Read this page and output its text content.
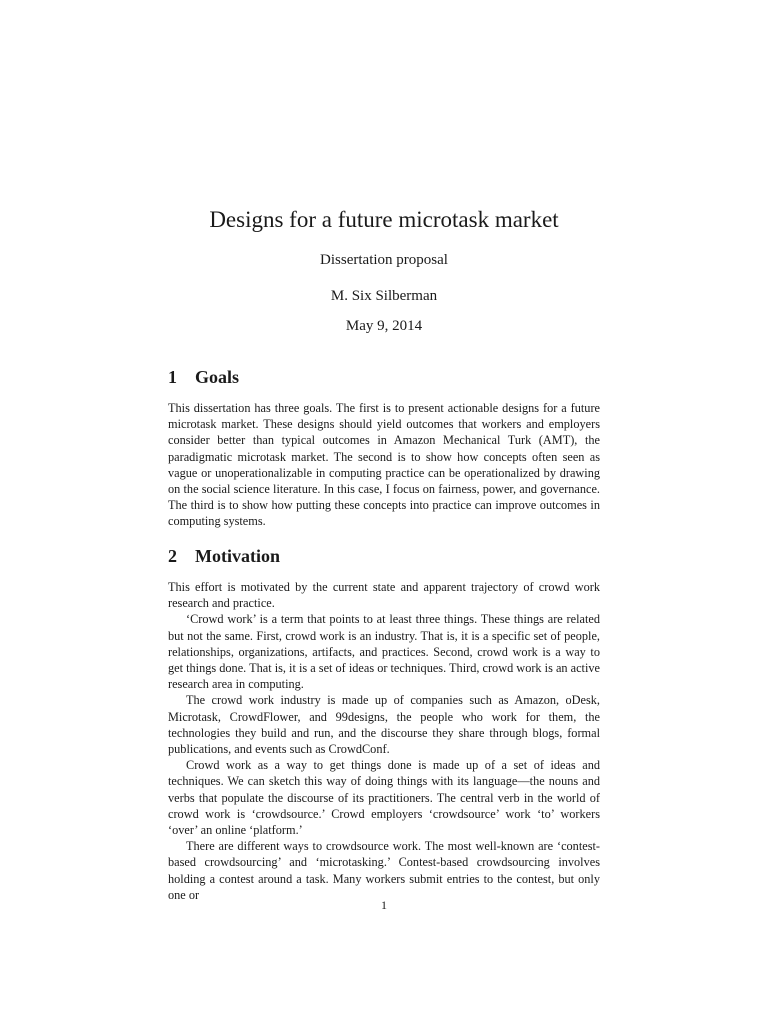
Designs for a future microtask market
Dissertation proposal
M. Six Silberman
May 9, 2014
1 Goals

This dissertation has three goals. The first is to present actionable designs for a future microtask market. These designs should yield outcomes that workers and employers consider better than typical outcomes in Amazon Mechanical Turk (AMT), the paradigmatic microtask market. The second is to show how concepts often seen as vague or unoperationalizable in computing practice can be operationalized by drawing on the social science literature. In this case, I focus on fairness, power, and governance. The third is to show how putting these concepts into practice can improve outcomes in computing systems.

2 Motivation

This effort is motivated by the current state and apparent trajectory of crowd work research and practice.

‘Crowd work’ is a term that points to at least three things. These things are related but not the same. First, crowd work is an industry. That is, it is a specific set of people, relationships, organizations, artifacts, and practices. Second, crowd work is a way to get things done. That is, it is a set of ideas or techniques. Third, crowd work is an active research area in computing.

The crowd work industry is made up of companies such as Amazon, oDesk, Microtask, CrowdFlower, and 99designs, the people who work for them, the technologies they build and run, and the discourse they share through blogs, formal publications, and events such as CrowdConf.

Crowd work as a way to get things done is made up of a set of ideas and techniques. We can sketch this way of doing things with its language—the nouns and verbs that populate the discourse of its practitioners. The central verb in the world of crowd work is ‘crowdsource.’ Crowd employers ‘crowdsource’ work ‘to’ workers ‘over’ an online ‘platform.’

There are different ways to crowdsource work. The most well-known are ‘contest-based crowdsourcing’ and ‘microtasking.’ Contest-based crowdsourcing involves holding a contest around a task. Many workers submit entries to the contest, but only one or

1
